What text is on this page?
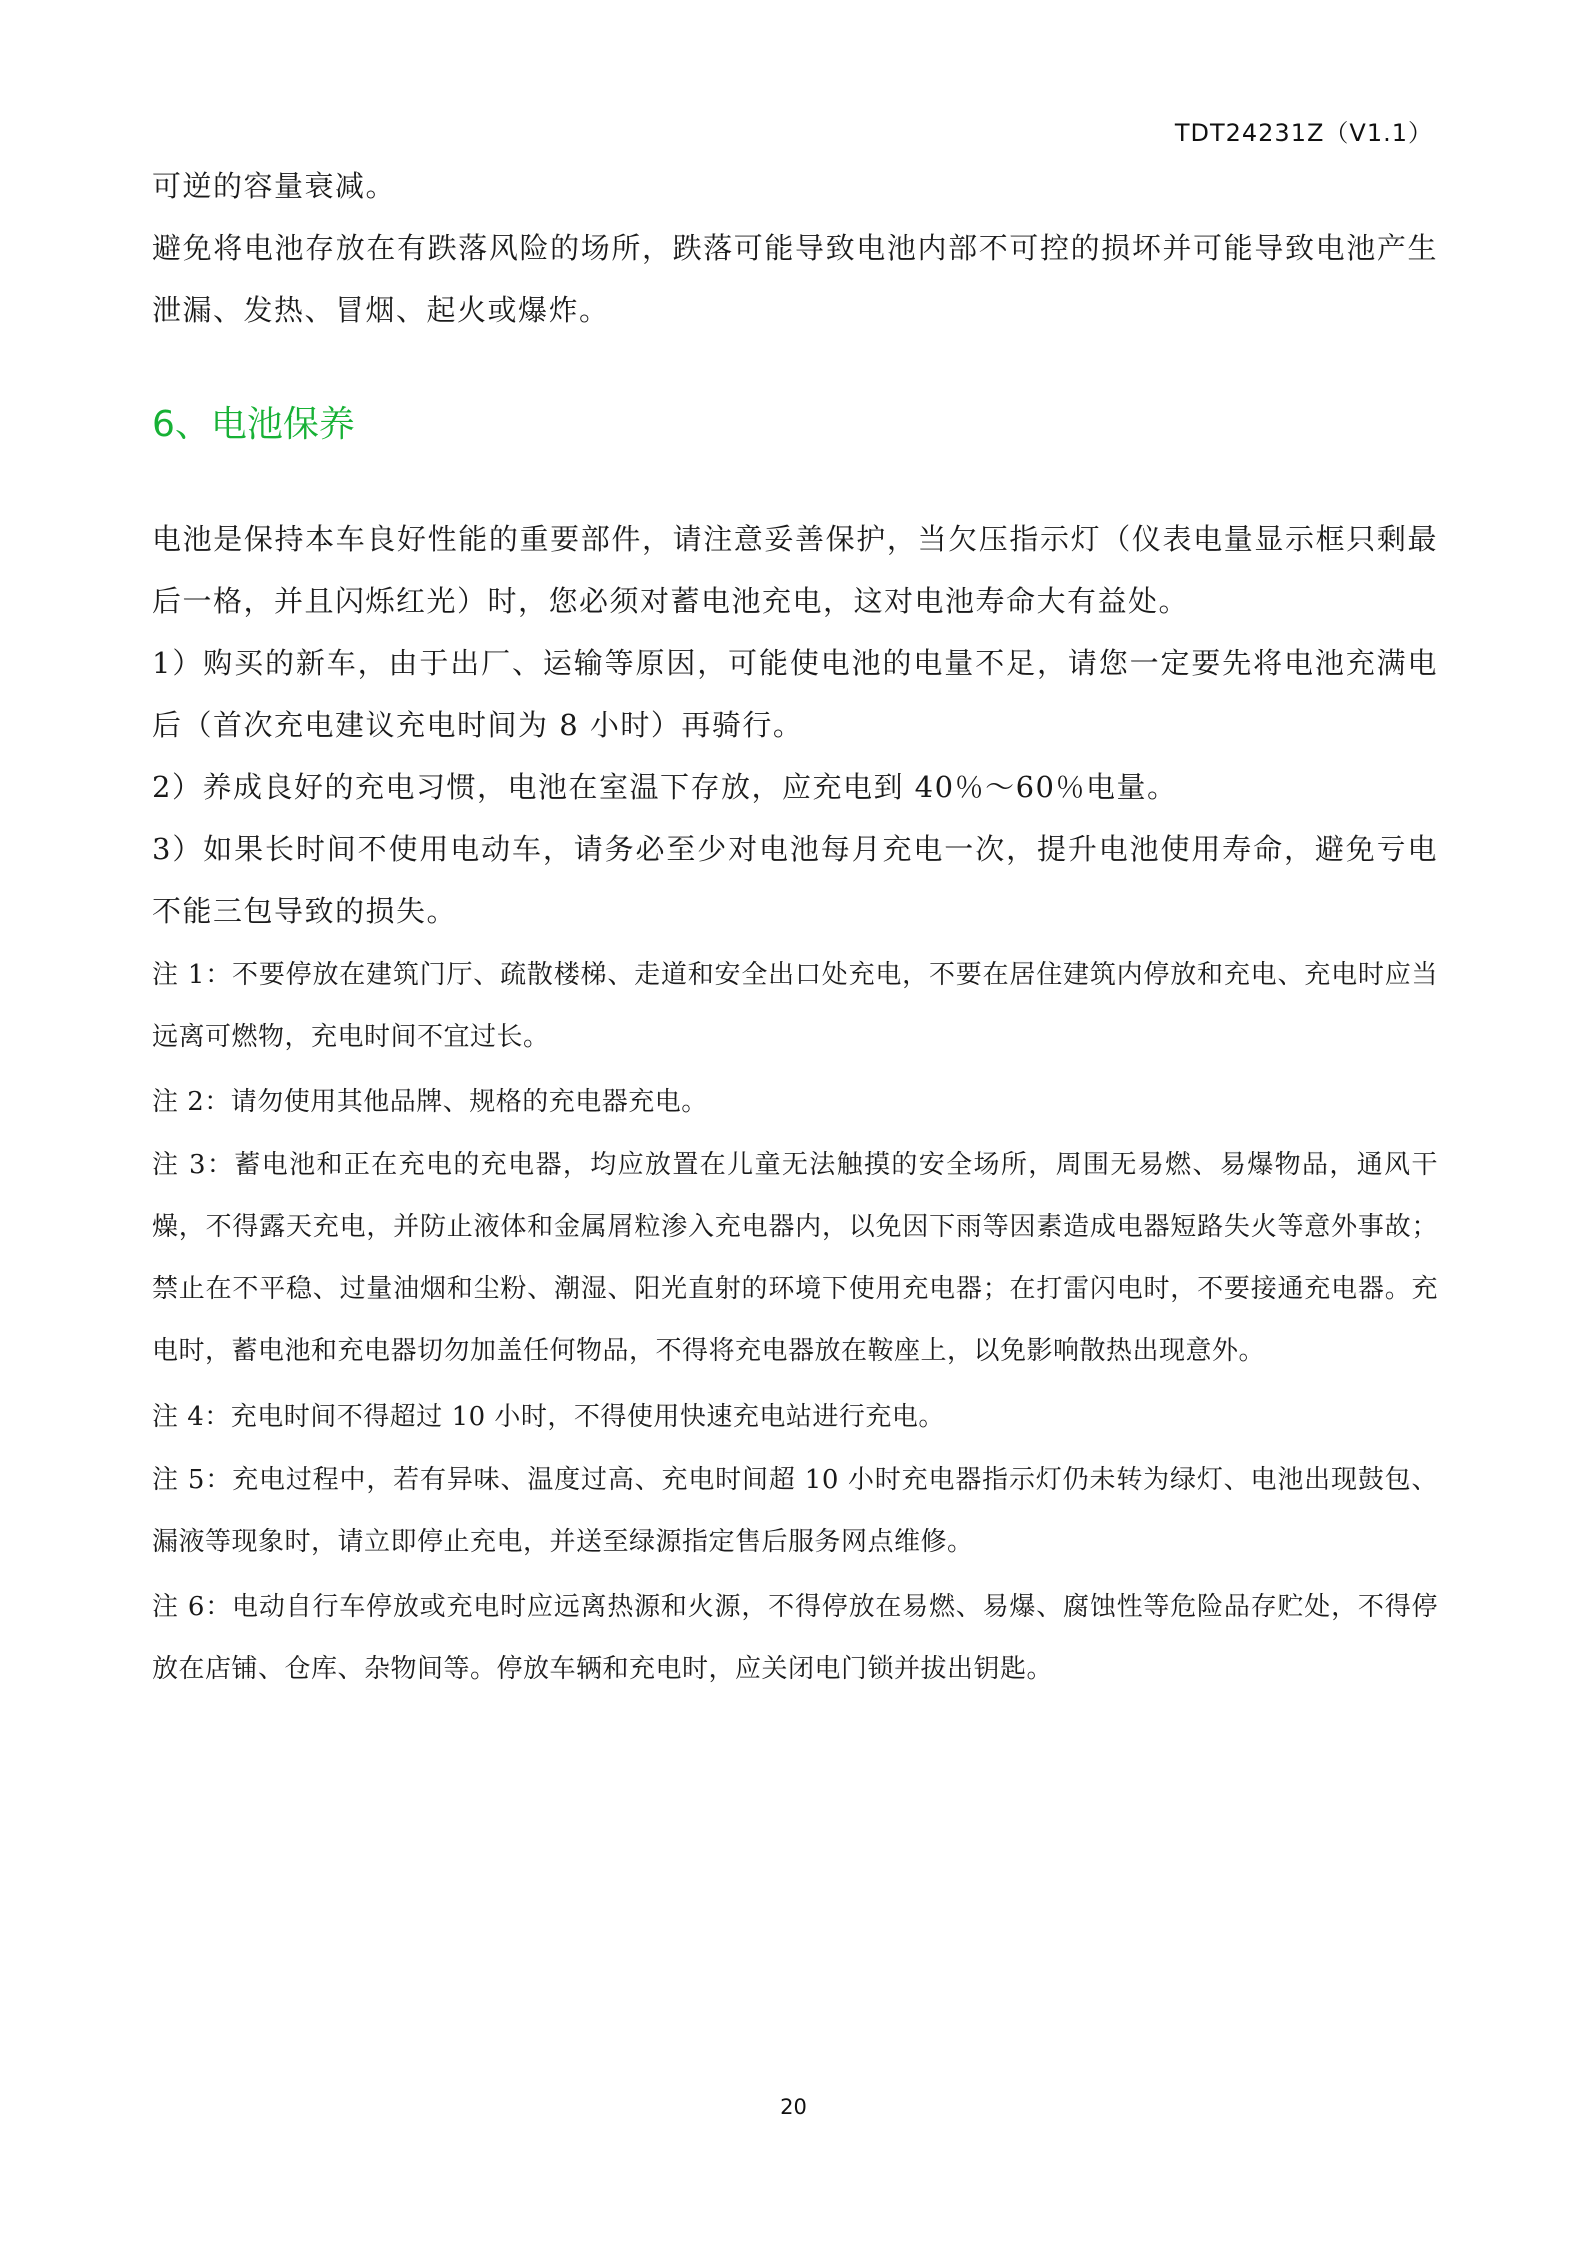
TDT24231Z（V1.1）

可逆的容量衰减。

避免将电池存放在有跌落风险的场所，跌落可能导致电池内部不可控的损坏并可能导致电池产生泄漏、发热、冒烟、起火或爆炸。

6、电池保养

电池是保持本车良好性能的重要部件，请注意妥善保护，当欠压指示灯（仪表电量显示框只剩最后一格，并且闪烁红光）时，您必须对蓄电池充电，这对电池寿命大有益处。

1）购买的新车，由于出厂、运输等原因，可能使电池的电量不足，请您一定要先将电池充满电后（首次充电建议充电时间为 8 小时）再骑行。

2）养成良好的充电习惯，电池在室温下存放，应充电到 40％～60％电量。

3）如果长时间不使用电动车，请务必至少对电池每月充电一次，提升电池使用寿命，避免亏电不能三包导致的损失。

注 1：不要停放在建筑门厅、疏散楼梯、走道和安全出口处充电，不要在居住建筑内停放和充电、充电时应当远离可燃物，充电时间不宜过长。

注 2：请勿使用其他品牌、规格的充电器充电。

注 3：蓄电池和正在充电的充电器，均应放置在儿童无法触摸的安全场所，周围无易燃、易爆物品，通风干燥，不得露天充电，并防止液体和金属屑粒渗入充电器内，以免因下雨等因素造成电器短路失火等意外事故；禁止在不平稳、过量油烟和尘粉、潮湿、阳光直射的环境下使用充电器；在打雷闪电时，不要接通充电器。充电时，蓄电池和充电器切勿加盖任何物品，不得将充电器放在鞍座上，以免影响散热出现意外。

注 4：充电时间不得超过 10 小时，不得使用快速充电站进行充电。

注 5：充电过程中，若有异味、温度过高、充电时间超 10 小时充电器指示灯仍未转为绿灯、电池出现鼓包、漏液等现象时，请立即停止充电，并送至绿源指定售后服务网点维修。

注 6：电动自行车停放或充电时应远离热源和火源，不得停放在易燃、易爆、腐蚀性等危险品存贮处，不得停放在店铺、仓库、杂物间等。停放车辆和充电时，应关闭电门锁并拔出钥匙。

20
